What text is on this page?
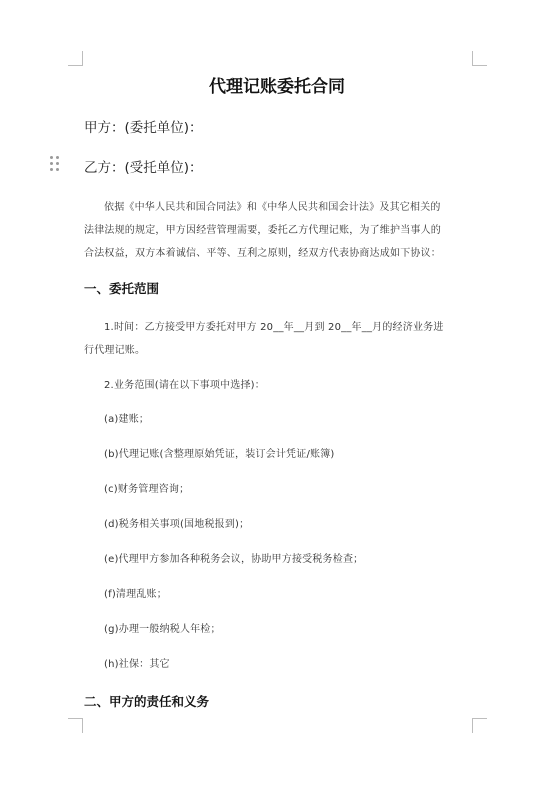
代理记账委托合同
甲方：(委托单位)：
乙方：(受托单位)：
依据《中华人民共和国合同法》和《中华人民共和国会计法》及其它相关的
法律法规的规定，甲方因经营管理需要，委托乙方代理记账，为了维护当事人的
合法权益，双方本着诚信、平等、互利之原则，经双方代表协商达成如下协议：
一、委托范围
1.时间：乙方接受甲方委托对甲方 20__年__月到 20__年__月的经济业务进
行代理记账。
2.业务范围(请在以下事项中选择)：
(a)建账；
(b)代理记账(含整理原始凭证，装订会计凭证/账簿)
(c)财务管理咨询；
(d)税务相关事项(国地税报到)；
(e)代理甲方参加各种税务会议，协助甲方接受税务检查；
(f)清理乱账；
(g)办理一般纳税人年检；
(h)社保：其它
二、甲方的责任和义务
